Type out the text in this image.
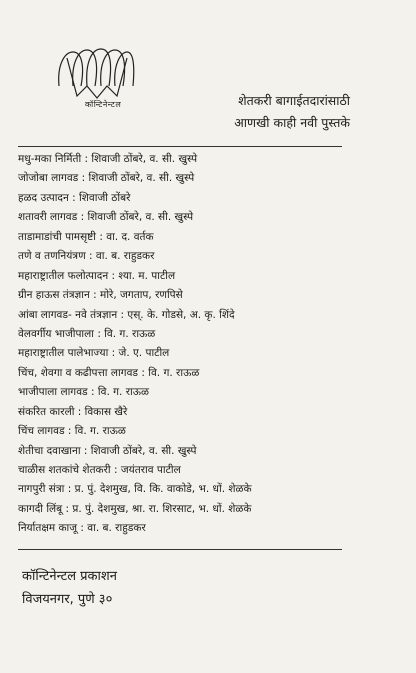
कॉन्टिनेन्टल	शेतकरी बागाईतदारांसाठी
आणखी काही नवी पुस्तके
मधु-मका निर्मिती : शिवाजी ठोंबरे, व. सी. खुस्पे
जोजोबा लागवड : शिवाजी ठोंबरे, व. सी. खुस्पे
हळद उत्पादन : शिवाजी ठोंबरे
शतावरी लागवड : शिवाजी ठोंबरे, व. सी. खुस्पे
ताडामाडांची पामसृष्टी : वा. द. वर्तक
तणे व तणनियंत्रण : वा. ब. राहुडकर
महाराष्ट्रातील फलोत्पादन : श्या. म. पाटील
ग्रीन हाऊस तंत्रज्ञान : मोरे, जगताप, रणपिसे
आंबा लागवड- नवे तंत्रज्ञान : एस्. के. गोडसे, अ. कृ. शिंदे
वेलवर्गीय भाजीपाला : वि. ग. राऊळ
महाराष्ट्रातील पालेभाज्या : जे. ए. पाटील
चिंच, शेवगा व कढीपत्ता लागवड : वि. ग. राऊळ
भाजीपाला लागवड : वि. ग. राऊळ
संकरित कारली : विकास खैरे
चिंच लागवड : वि. ग. राऊळ
शेतीचा दवाखाना : शिवाजी ठोंबरे, व. सी. खुस्पे
चाळीस शतकांचे शेतकरी : जयंतराव पाटील
नागपुरी संत्रा : प्र. पुं. देशमुख, वि. कि. वाकोडे, भ. धों. शेळके
कागदी लिंबू : प्र. पुं. देशमुख, श्रा. रा. शिरसाट, भ. धों. शेळके
निर्यातक्षम काजू : वा. ब. राहुडकर
कॉन्टिनेन्टल प्रकाशन
विजयनगर, पुणे ३०
